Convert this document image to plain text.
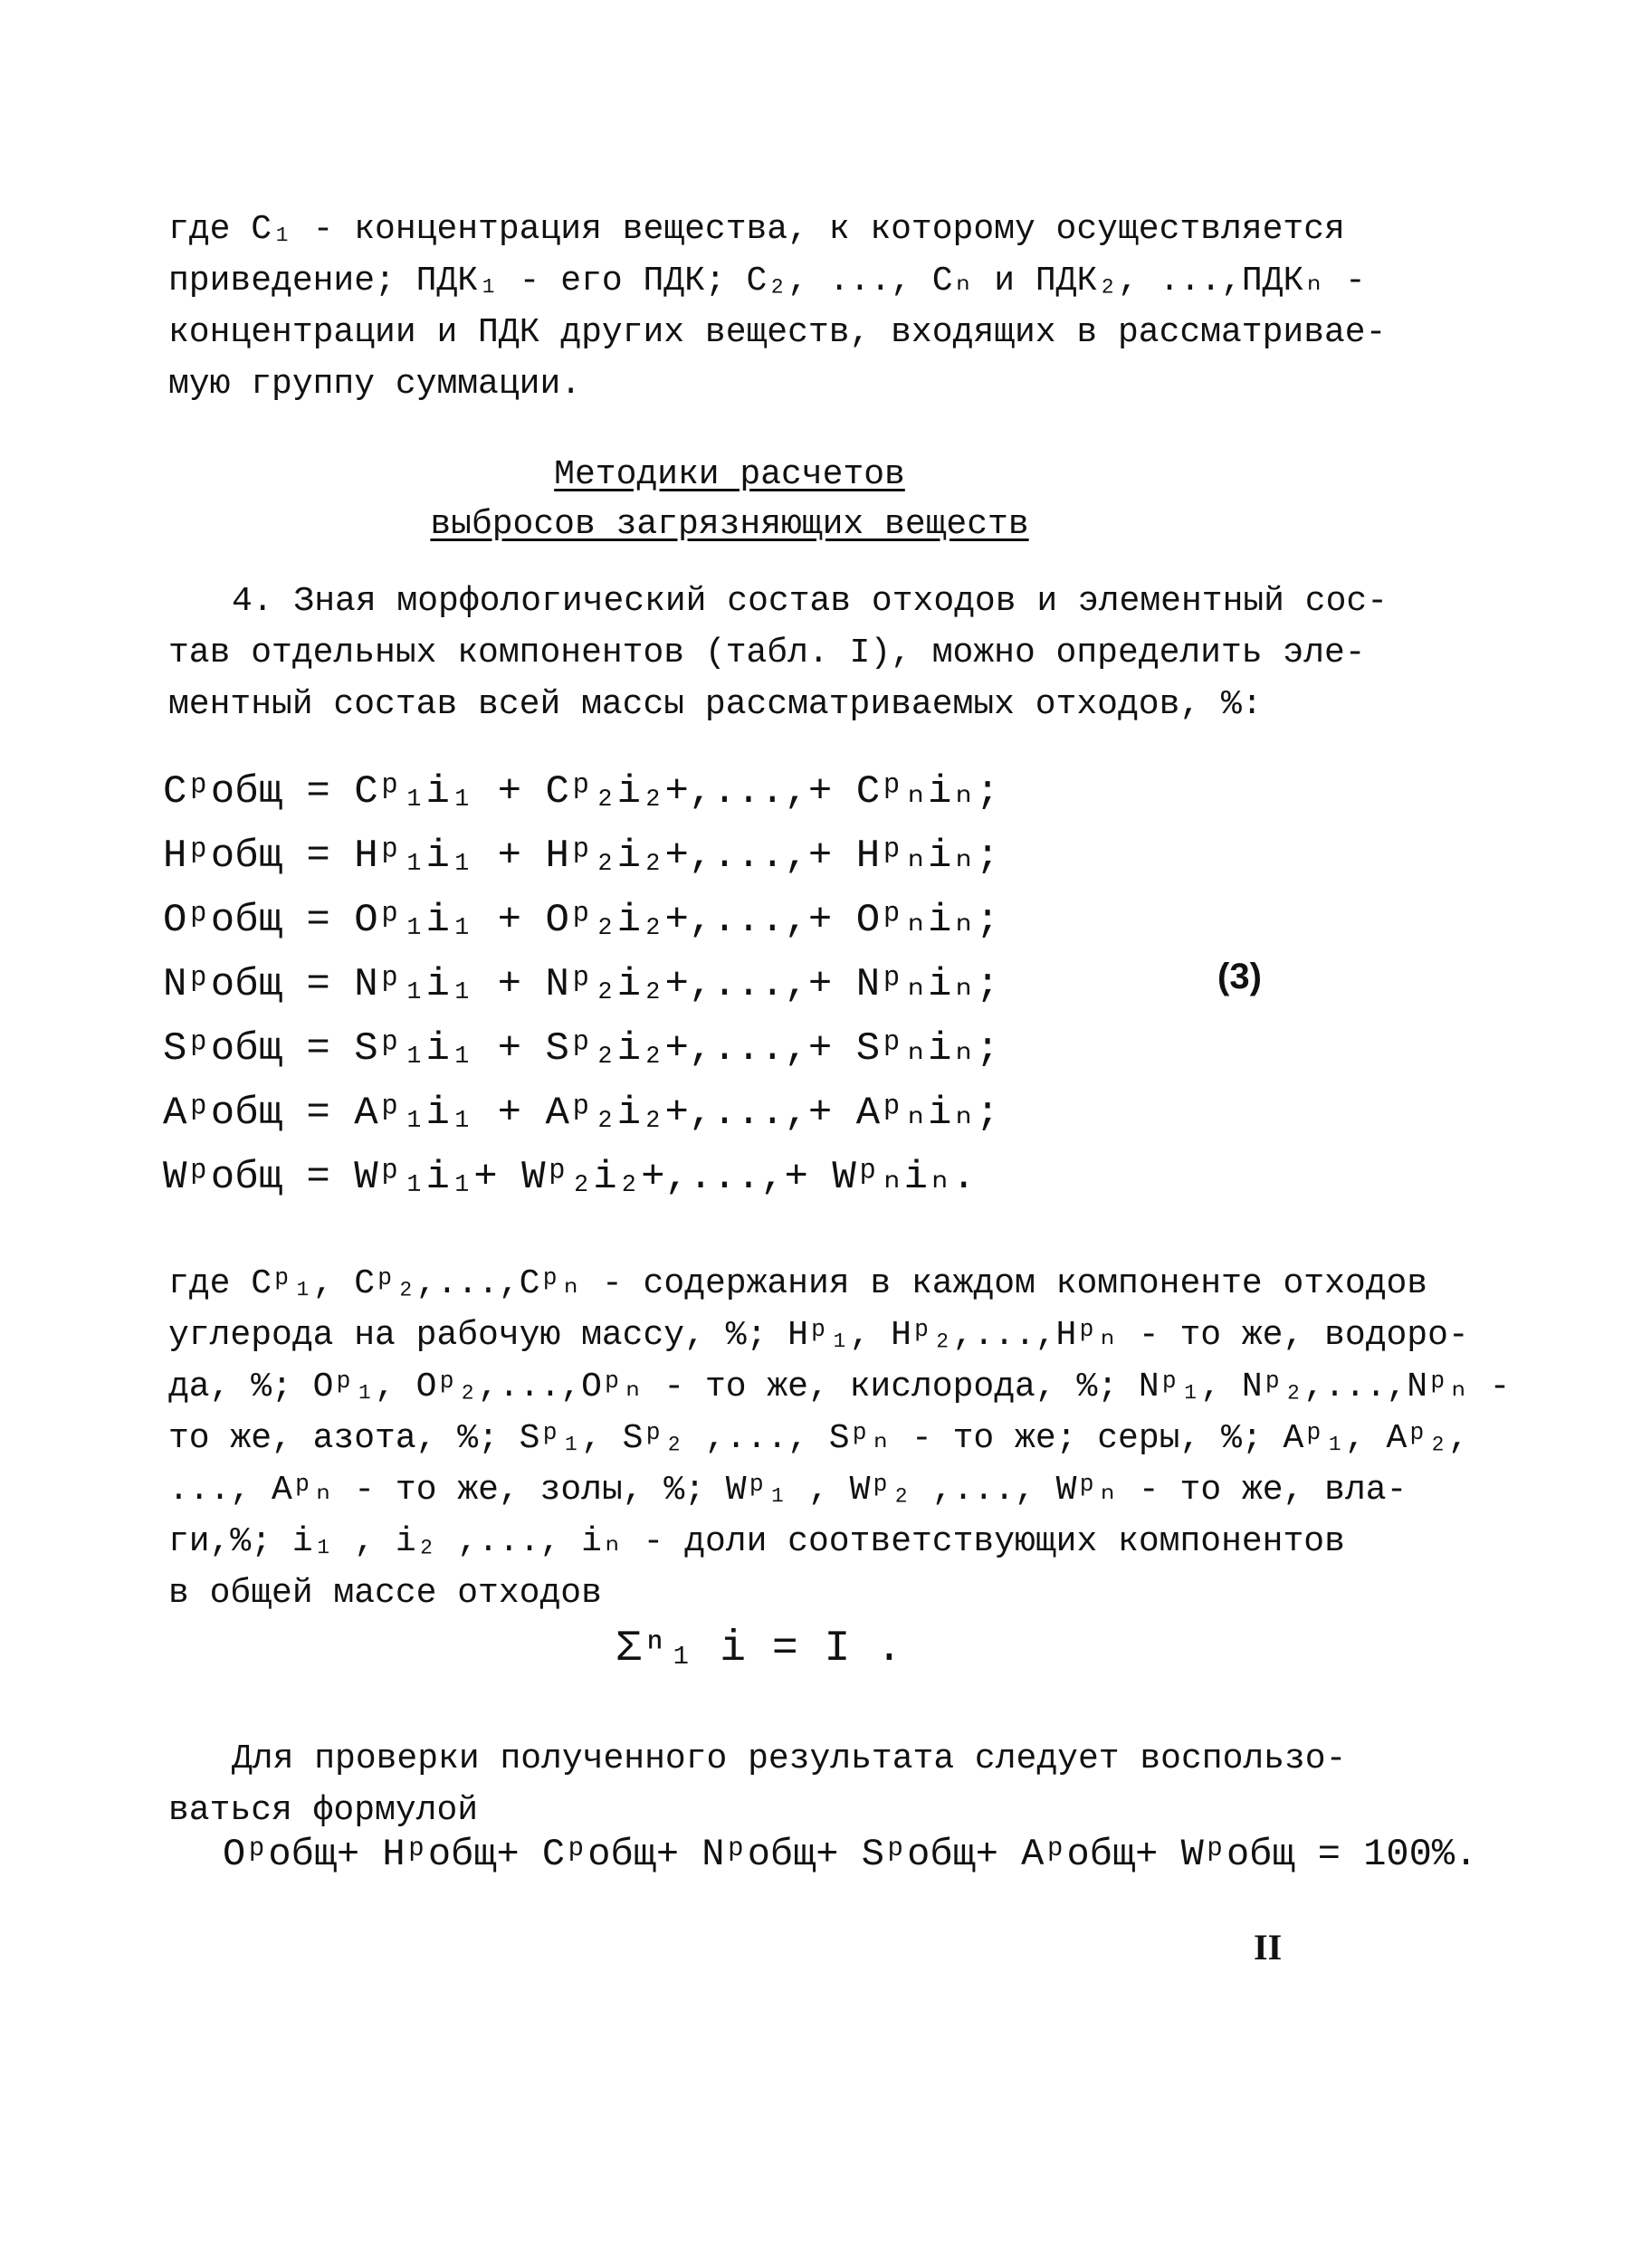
где С₁ - концентрация вещества, к которому осуществляется
приведение; ПДК₁ - его ПДК; С₂, ..., Сₙ и ПДК₂, ...,ПДКₙ -
концентрации и ПДК других веществ, входящих в рассматривае-
мую группу суммации.
Методики расчетов
выбросов загрязняющих веществ
4. Зная морфологический состав отходов и элементный сос-
тав отдельных компонентов (табл. I), можно определить эле-
ментный состав всей массы рассматриваемых отходов, %:
Cᵖобщ = Cᵖ₁i₁ + Cᵖ₂i₂+,...,+ Cᵖₙiₙ;
Hᵖобщ = Hᵖ₁i₁ + Hᵖ₂i₂+,...,+ Hᵖₙiₙ;
Oᵖобщ = Oᵖ₁i₁ + Oᵖ₂i₂+,...,+ Oᵖₙiₙ;
Nᵖобщ = Nᵖ₁i₁ + Nᵖ₂i₂+,...,+ Nᵖₙiₙ;
Sᵖобщ = Sᵖ₁i₁ + Sᵖ₂i₂+,...,+ Sᵖₙiₙ;
Aᵖобщ = Aᵖ₁i₁ + Aᵖ₂i₂+,...,+ Aᵖₙiₙ;
Wᵖобщ = Wᵖ₁i₁+ Wᵖ₂i₂+,...,+ Wᵖₙiₙ.
(3)
где Cᵖ₁, Cᵖ₂,...,Cᵖₙ - содержания в каждом компоненте отходов
углерода на рабочую массу, %; Hᵖ₁, Hᵖ₂,...,Hᵖₙ - то же, водоро-
да, %; Oᵖ₁, Oᵖ₂,...,Oᵖₙ - то же, кислорода, %; Nᵖ₁, Nᵖ₂,...,Nᵖₙ -
то же, азота, %; Sᵖ₁, Sᵖ₂ ,..., Sᵖₙ - то же; серы, %; Aᵖ₁, Aᵖ₂,
..., Aᵖₙ - то же, золы, %; Wᵖ₁ , Wᵖ₂ ,..., Wᵖₙ - то же, вла-
ги,%; i₁ , i₂ ,..., iₙ - доли соответствующих компонентов
в общей массе отходов
Σⁿ₁ i = I .
Для проверки полученного результата следует воспользо-
ваться формулой
Oᵖобщ+ Hᵖобщ+ Cᵖобщ+ Nᵖобщ+ Sᵖобщ+ Aᵖобщ+ Wᵖобщ = 100%.
II
